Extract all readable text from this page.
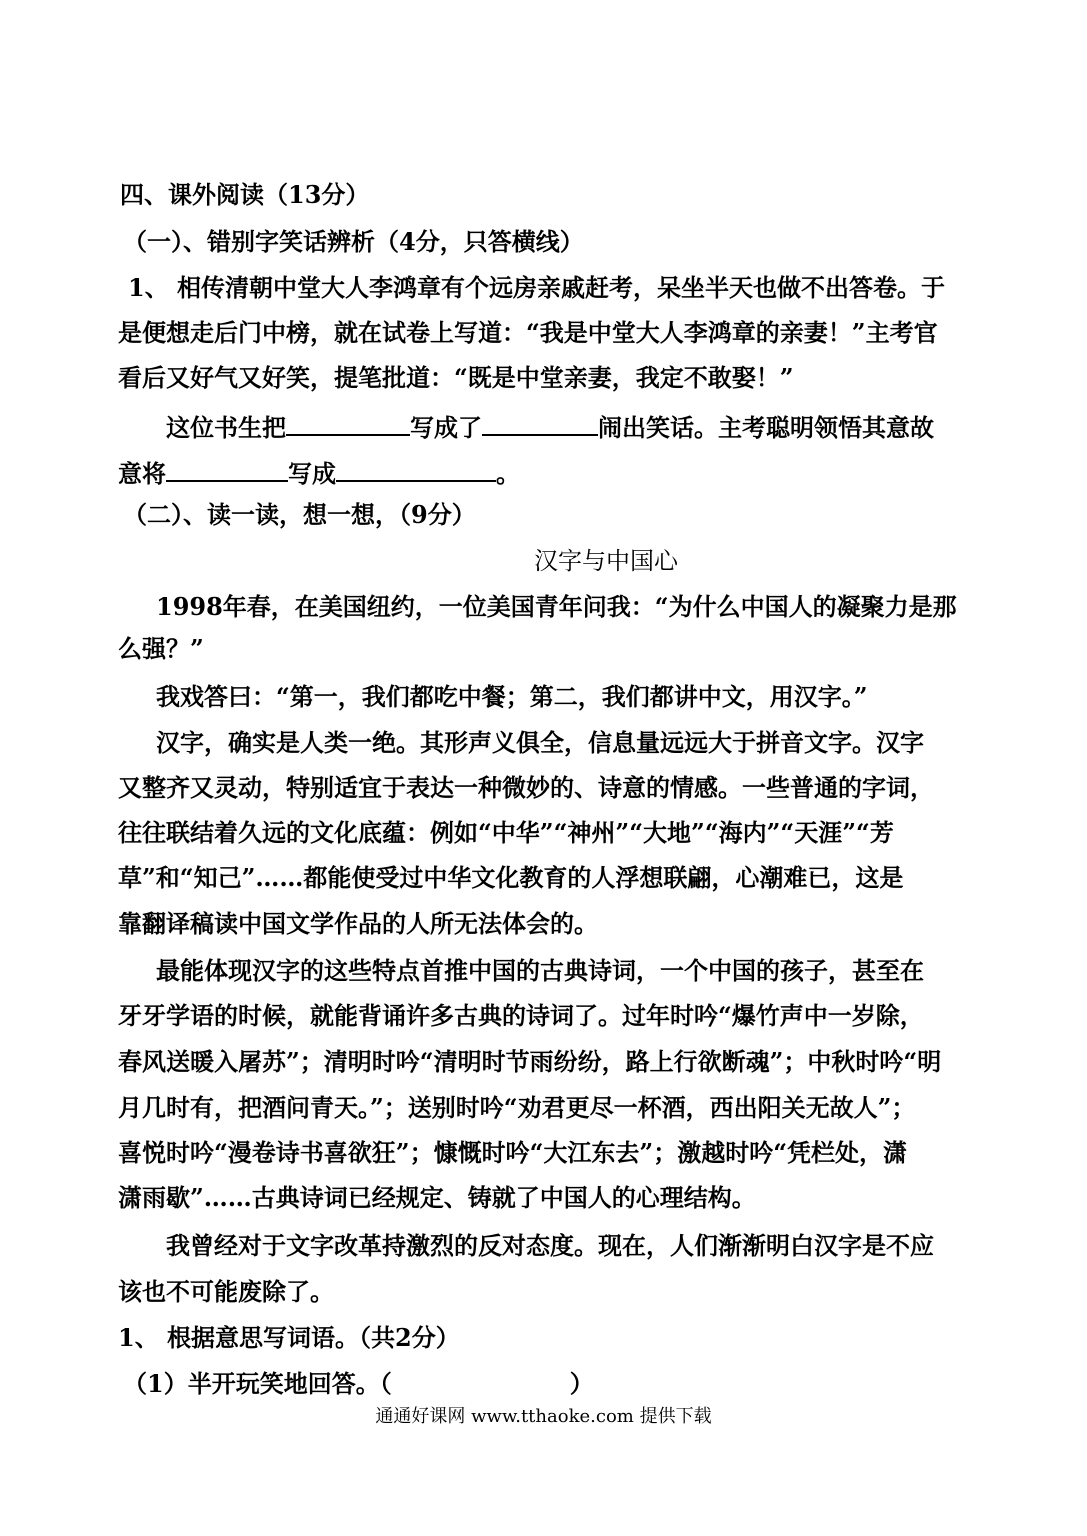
四、课外阅读（13分）
（一）、错别字笑话辨析（4分，只答横线）
1、 相传清朝中堂大人李鸿章有个远房亲戚赶考，呆坐半天也做不出答卷。于
是便想走后门中榜，就在试卷上写道：“我是中堂大人李鸿章的亲妻！”主考官
看后又好气又好笑，提笔批道：“既是中堂亲妻，我定不敢娶！”
这位书生把	写成了	闹出笑话。主考聪明领悟其意故
意将	写成	。
（二）、读一读，想一想，（9分）
汉字与中国心
1998年春，在美国纽约，一位美国青年问我：“为什么中国人的凝聚力是那
么强？”
我戏答曰：“第一，我们都吃中餐；第二，我们都讲中文，用汉字。”
汉字，确实是人类一绝。其形声义俱全，信息量远远大于拼音文字。汉字
又整齐又灵动，特别适宜于表达一种微妙的、诗意的情感。一些普通的字词，
往往联结着久远的文化底蕴：例如“中华”“神州”“大地”“海内”“天涯”“芳
草”和“知己”……都能使受过中华文化教育的人浮想联翩，心潮难已，这是
靠翻译稿读中国文学作品的人所无法体会的。
最能体现汉字的这些特点首推中国的古典诗词，一个中国的孩子，甚至在
牙牙学语的时候，就能背诵许多古典的诗词了。过年时吟“爆竹声中一岁除，
春风送暖入屠苏”；清明时吟“清明时节雨纷纷，路上行欲断魂”；中秋时吟“明
月几时有，把酒问青天。”；送别时吟“劝君更尽一杯酒，西出阳关无故人”；
喜悦时吟“漫卷诗书喜欲狂”；慷慨时吟“大江东去”；激越时吟“凭栏处，潇
潇雨歇”……古典诗词已经规定、铸就了中国人的心理结构。
我曾经对于文字改革持激烈的反对态度。现在，人们渐渐明白汉字是不应
该也不可能废除了。
1、 根据意思写词语。（共2分）
（1）半开玩笑地回答。（	）
通通好课网 www.tthaoke.com 提供下载
